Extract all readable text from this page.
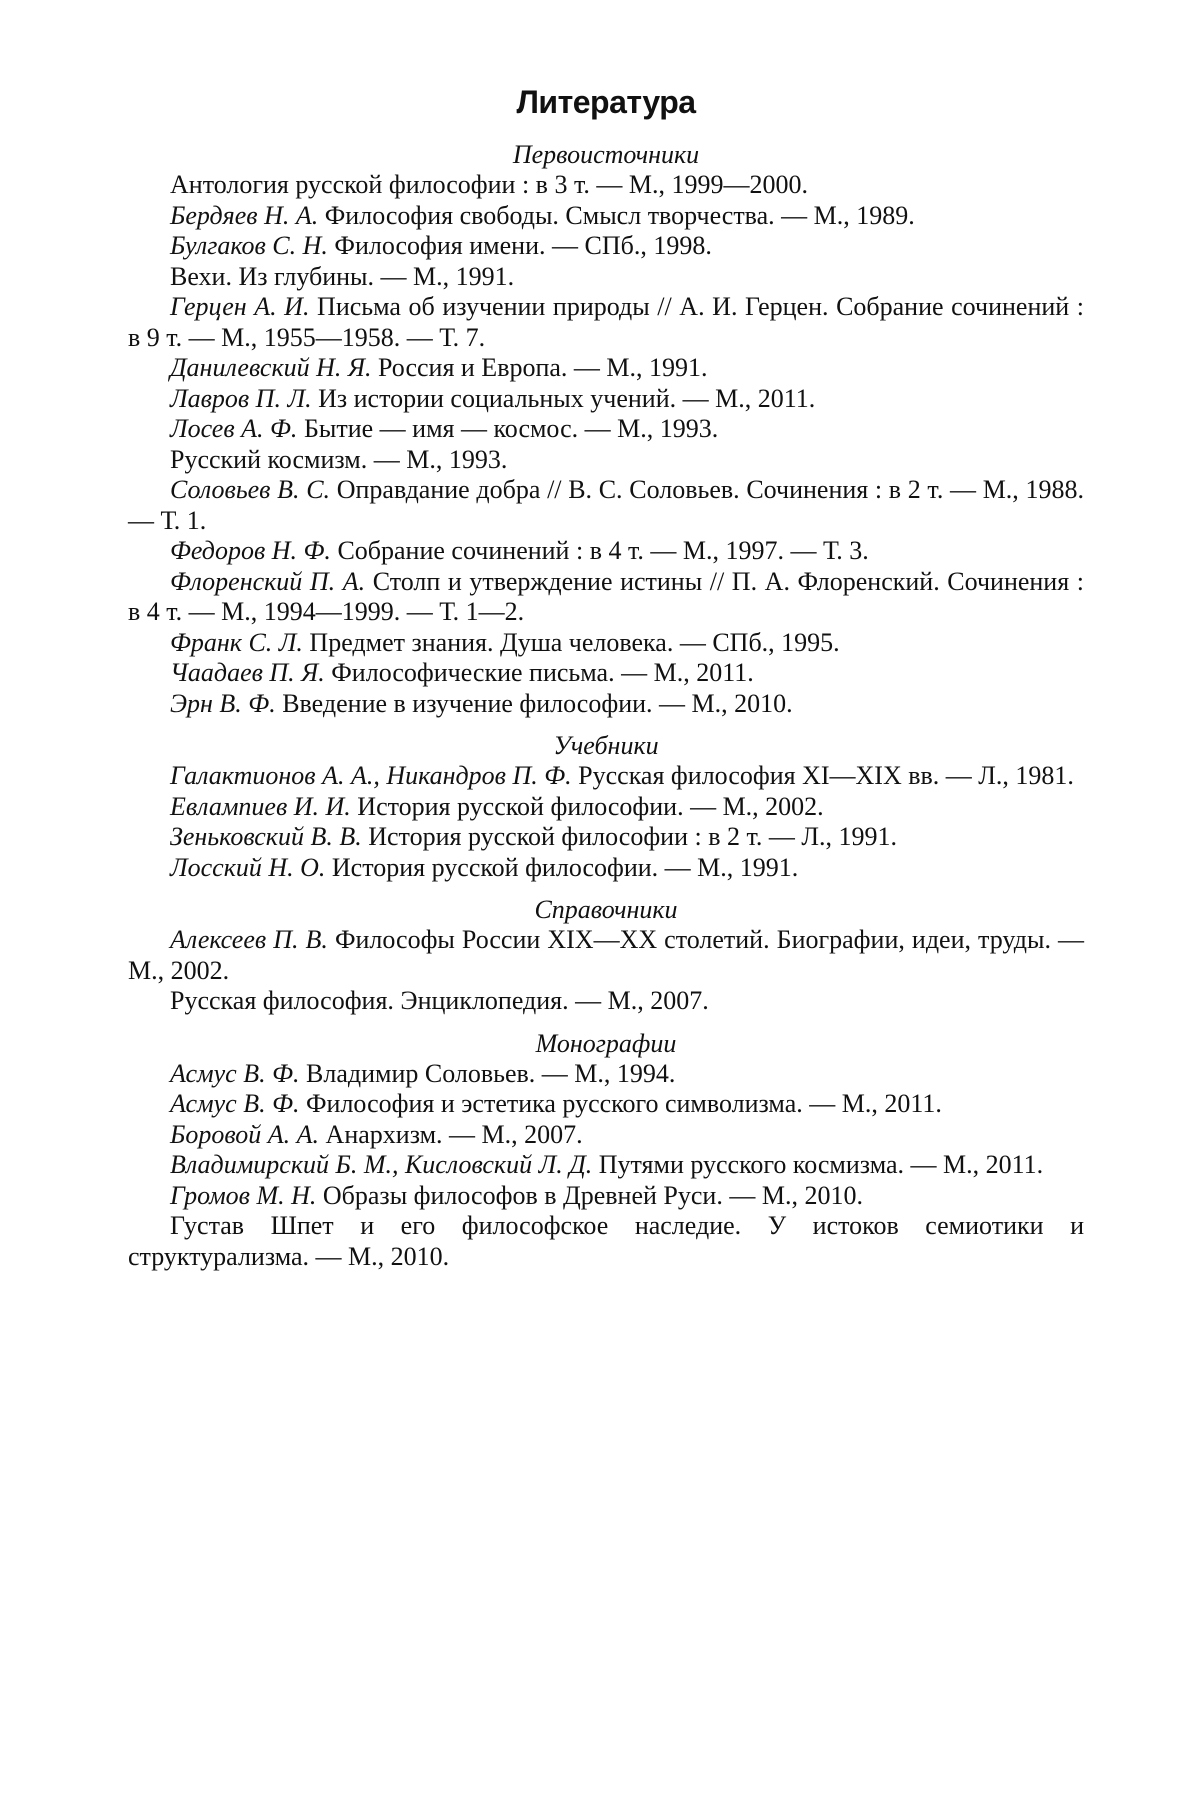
Литература

Первоисточники

Антология русской философии : в 3 т. — М., 1999—2000.

Бердяев Н. А. Философия свободы. Смысл творчества. — М., 1989.

Булгаков С. Н. Философия имени. — СПб., 1998.

Вехи. Из глубины. — М., 1991.

Герцен А. И. Письма об изучении природы // А. И. Герцен. Собрание сочинений : в 9 т. — М., 1955—1958. — Т. 7.

Данилевский Н. Я. Россия и Европа. — М., 1991.

Лавров П. Л. Из истории социальных учений. — М., 2011.

Лосев А. Ф. Бытие — имя — космос. — М., 1993.

Русский космизм. — М., 1993.

Соловьев В. С. Оправдание добра // В. С. Соловьев. Сочинения : в 2 т. — М., 1988. — Т. 1.

Федоров Н. Ф. Собрание сочинений : в 4 т. — М., 1997. — Т. 3.

Флоренский П. А. Столп и утверждение истины // П. А. Флоренский. Сочинения : в 4 т. — М., 1994—1999. — Т. 1—2.

Франк С. Л. Предмет знания. Душа человека. — СПб., 1995.

Чаадаев П. Я. Философические письма. — М., 2011.

Эрн В. Ф. Введение в изучение философии. — М., 2010.

Учебники

Галактионов А. А., Никандров П. Ф. Русская философия XI—XIX вв. — Л., 1981.

Евлампиев И. И. История русской философии. — М., 2002.

Зеньковский В. В. История русской философии : в 2 т. — Л., 1991.

Лосский Н. О. История русской философии. — М., 1991.

Справочники

Алексеев П. В. Философы России XIX—XX столетий. Биографии, идеи, труды. — М., 2002.

Русская философия. Энциклопедия. — М., 2007.

Монографии

Асмус В. Ф. Владимир Соловьев. — М., 1994.

Асмус В. Ф. Философия и эстетика русского символизма. — М., 2011.

Боровой А. А. Анархизм. — М., 2007.

Владимирский Б. М., Кисловский Л. Д. Путями русского космизма. — М., 2011.

Громов М. Н. Образы философов в Древней Руси. — М., 2010.

Густав Шпет и его философское наследие. У истоков семиотики и структурализма. — М., 2010.
